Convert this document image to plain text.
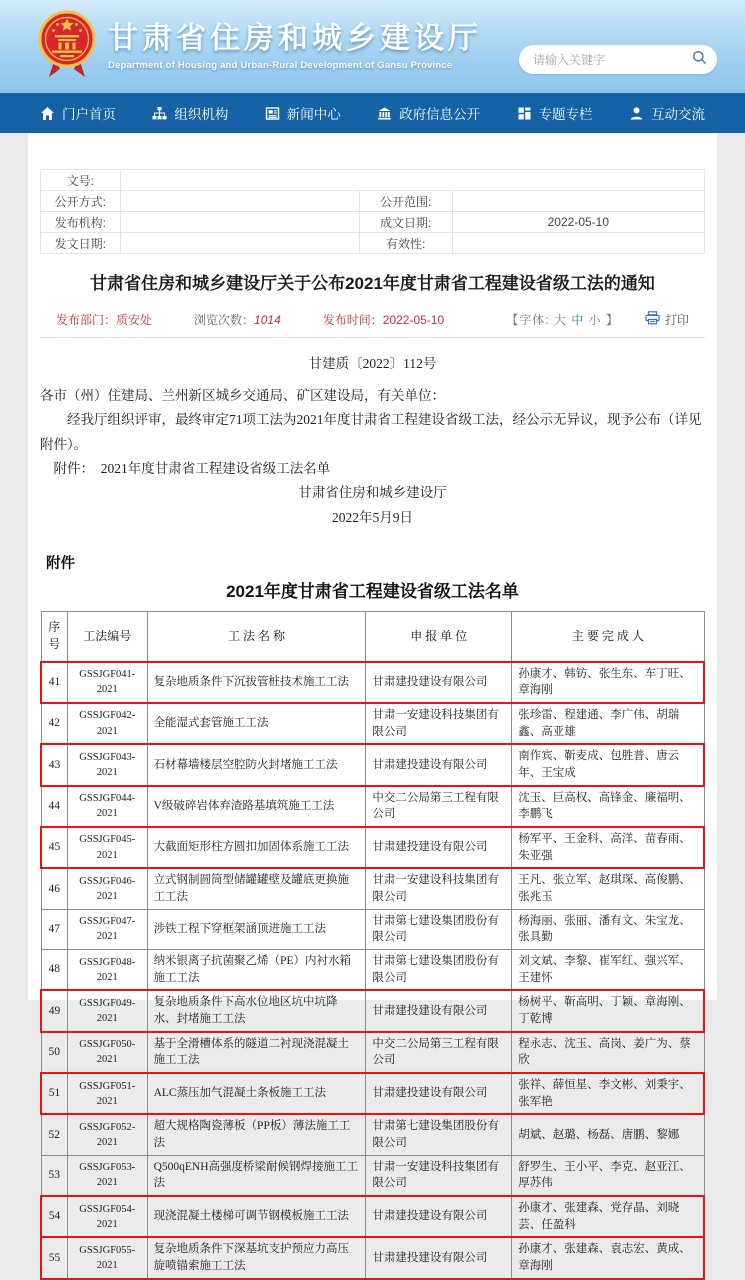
甘肃省住房和城乡建设厅
Department of Housing and Urban-Rural Development of Gansu Province
请输入关键字
门户首页	组织机构	新闻中心	政府信息公开	专题专栏	互动交流
文号:			
公开方式:		公开范围:	
发布机构:		成文日期:	2022-05-10
发文日期:		有效性:	
甘肃省住房和城乡建设厅关于公布2021年度甘肃省工程建设省级工法的通知
发布部门：质安处	浏览次数：1014	发布时间：2022-05-10	【字体: 大 中 小 】	打印
甘建质〔2022〕112号

各市（州）住建局、兰州新区城乡交通局、矿区建设局，有关单位：

经我厅组织评审，最终审定71项工法为2021年度甘肃省工程建设省级工法，经公示无异议，现予公布（详见附件）。

附件： 2021年度甘肃省工程建设省级工法名单

甘肃省住房和城乡建设厅

2022年5月9日

附件
2021年度甘肃省工程建设省级工法名单
序号	工法编号	工 法 名 称	申 报 单 位	主 要 完 成 人
41	GSSJGF041-2021	复杂地质条件下沉拔管桩技术施工工法	甘肃建投建设有限公司	孙康才、韩钫、张生东、车丁旺、章海刚
42	GSSJGF042-2021	全能湿式套管施工工法	甘肃一安建设科技集团有限公司	张珍雷、程建通、李广伟、胡瑞鑫、高亚雄
43	GSSJGF043-2021	石材幕墙楼层空腔防火封堵施工工法	甘肃建投建设有限公司	南作宾、靳麦成、包胜普、唐云年、王宝成
44	GSSJGF044-2021	V级破碎岩体弃渣路基填筑施工工法	中交二公局第三工程有限公司	沈玉、巨高权、高锋金、廉福明、李鹏飞
45	GSSJGF045-2021	大截面矩形柱方圆扣加固体系施工工法	甘肃建投建设有限公司	杨军平、王金科、高洋、苗春雨、朱亚强
46	GSSJGF046-2021	立式钢制圆筒型储罐罐壁及罐底更换施工工法	甘肃一安建设科技集团有限公司	王凡、张立军、赵琪琛、高俊鹏、张兆玉
47	GSSJGF047-2021	涉铁工程下穿框架涵顶进施工工法	甘肃第七建设集团股份有限公司	杨海丽、张丽、潘有文、朱宝龙、张具勤
48	GSSJGF048-2021	纳米银离子抗菌聚乙烯（PE）内衬水箱施工工法	甘肃第七建设集团股份有限公司	刘文斌、李黎、崔军红、强兴军、王建怀
49	GSSJGF049-2021	复杂地质条件下高水位地区坑中坑降水、封堵施工工法	甘肃建投建设有限公司	杨树平、靳高明、丁颖、章海刚、丁乾博
50	GSSJGF050-2021	基于全滑槽体系的隧道二衬现浇混凝土施工工法	中交二公局第三工程有限公司	程永志、沈玉、高岗、姜广为、蔡欣
51	GSSJGF051-2021	ALC蒸压加气混凝土条板施工工法	甘肃建投建设有限公司	张祥、薛恒星、李文彬、刘秉宇、张军艳
52	GSSJGF052-2021	超大规格陶瓷薄板（PP板）薄法施工工法	甘肃第七建设集团股份有限公司	胡斌、赵璐、杨磊、唐鹏、黎娜
53	GSSJGF053-2021	Q500qENH高强度桥梁耐候钢焊接施工工法	甘肃一安建设科技集团有限公司	舒罗生、王小平、李克、赵亚江、厚苏伟
54	GSSJGF054-2021	现浇混凝土楼梯可调节钢模板施工工法	甘肃建投建设有限公司	孙康才、张建森、党存晶、刘晓芸、任盈科
55	GSSJGF055-2021	复杂地质条件下深基坑支护预应力高压旋喷锚索施工工法	甘肃建投建设有限公司	孙康才、张建森、袁志宏、黄成、章海刚
